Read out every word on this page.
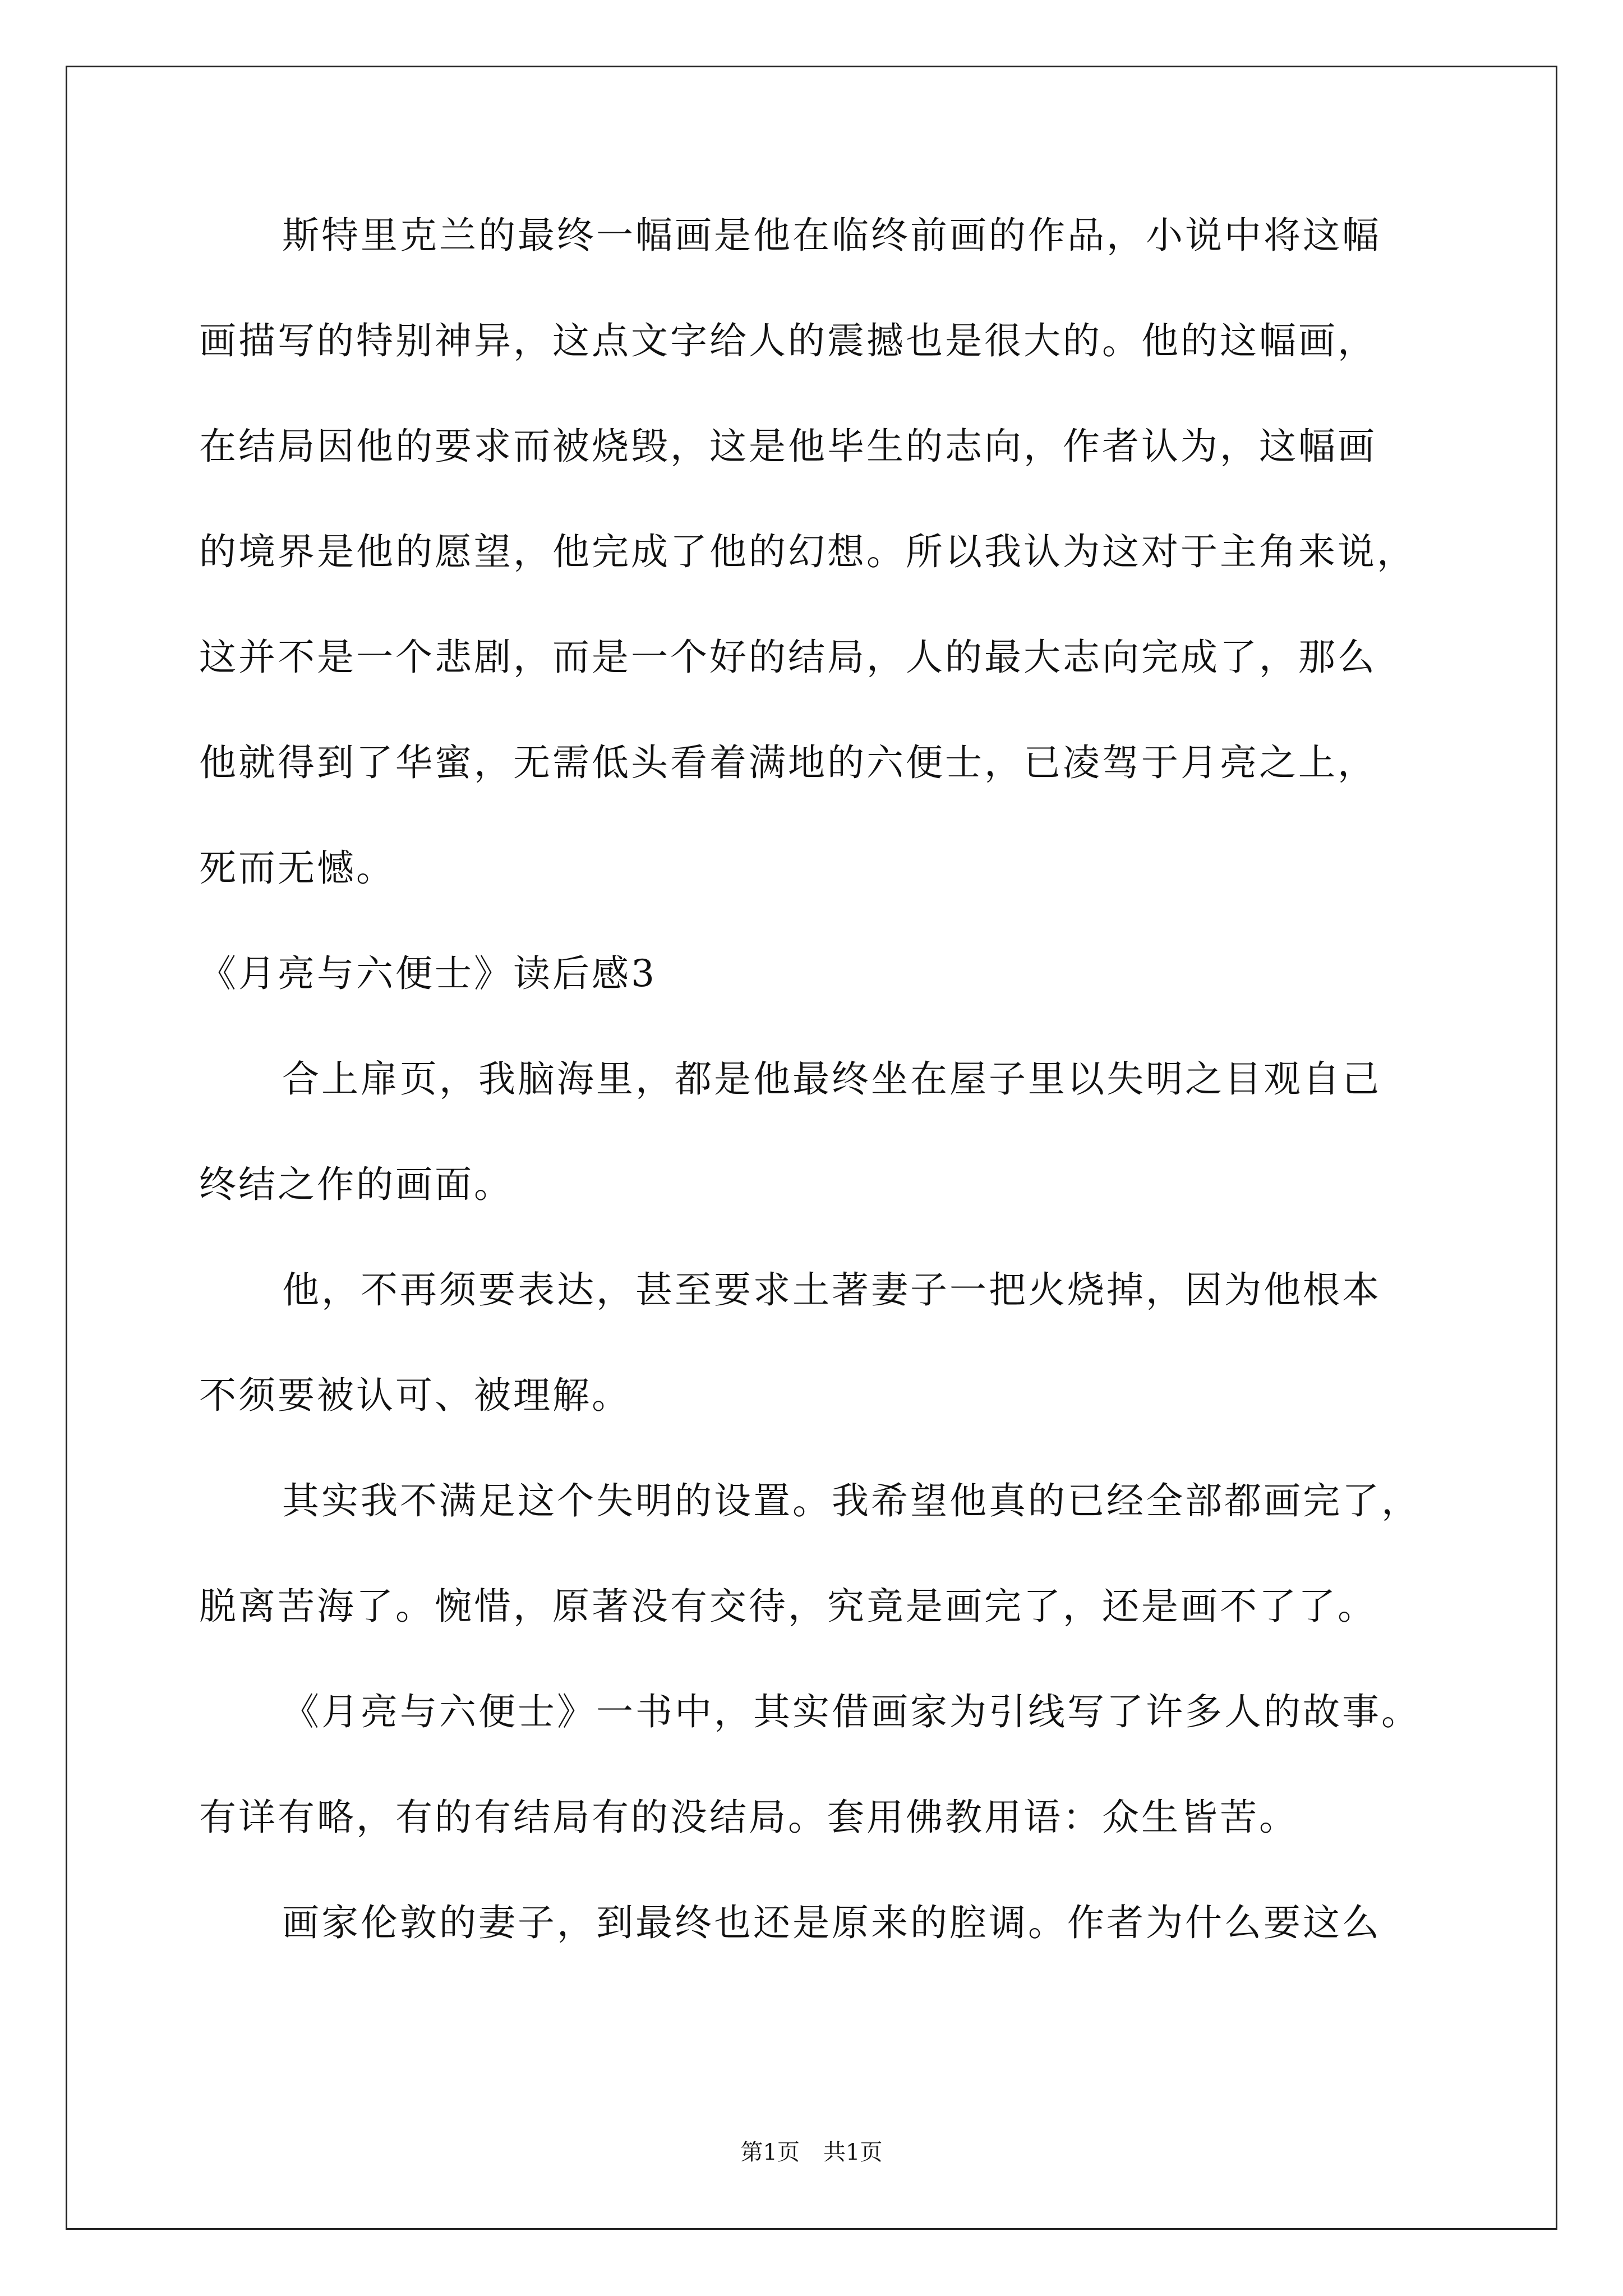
斯特里克兰的最终一幅画是他在临终前画的作品，小说中将这幅
画描写的特别神异，这点文字给人的震撼也是很大的。他的这幅画，
在结局因他的要求而被烧毁，这是他毕生的志向，作者认为，这幅画
的境界是他的愿望，他完成了他的幻想。所以我认为这对于主角来说，
这并不是一个悲剧，而是一个好的结局，人的最大志向完成了，那么
他就得到了华蜜，无需低头看着满地的六便士，已凌驾于月亮之上，
死而无憾。
《月亮与六便士》读后感3
合上扉页，我脑海里，都是他最终坐在屋子里以失明之目观自己
终结之作的画面。
他，不再须要表达，甚至要求土著妻子一把火烧掉，因为他根本
不须要被认可、被理解。
其实我不满足这个失明的设置。我希望他真的已经全部都画完了，
脱离苦海了。惋惜，原著没有交待，究竟是画完了，还是画不了了。
《月亮与六便士》一书中，其实借画家为引线写了许多人的故事。
有详有略，有的有结局有的没结局。套用佛教用语：众生皆苦。
画家伦敦的妻子，到最终也还是原来的腔调。作者为什么要这么
第1页 共1页
